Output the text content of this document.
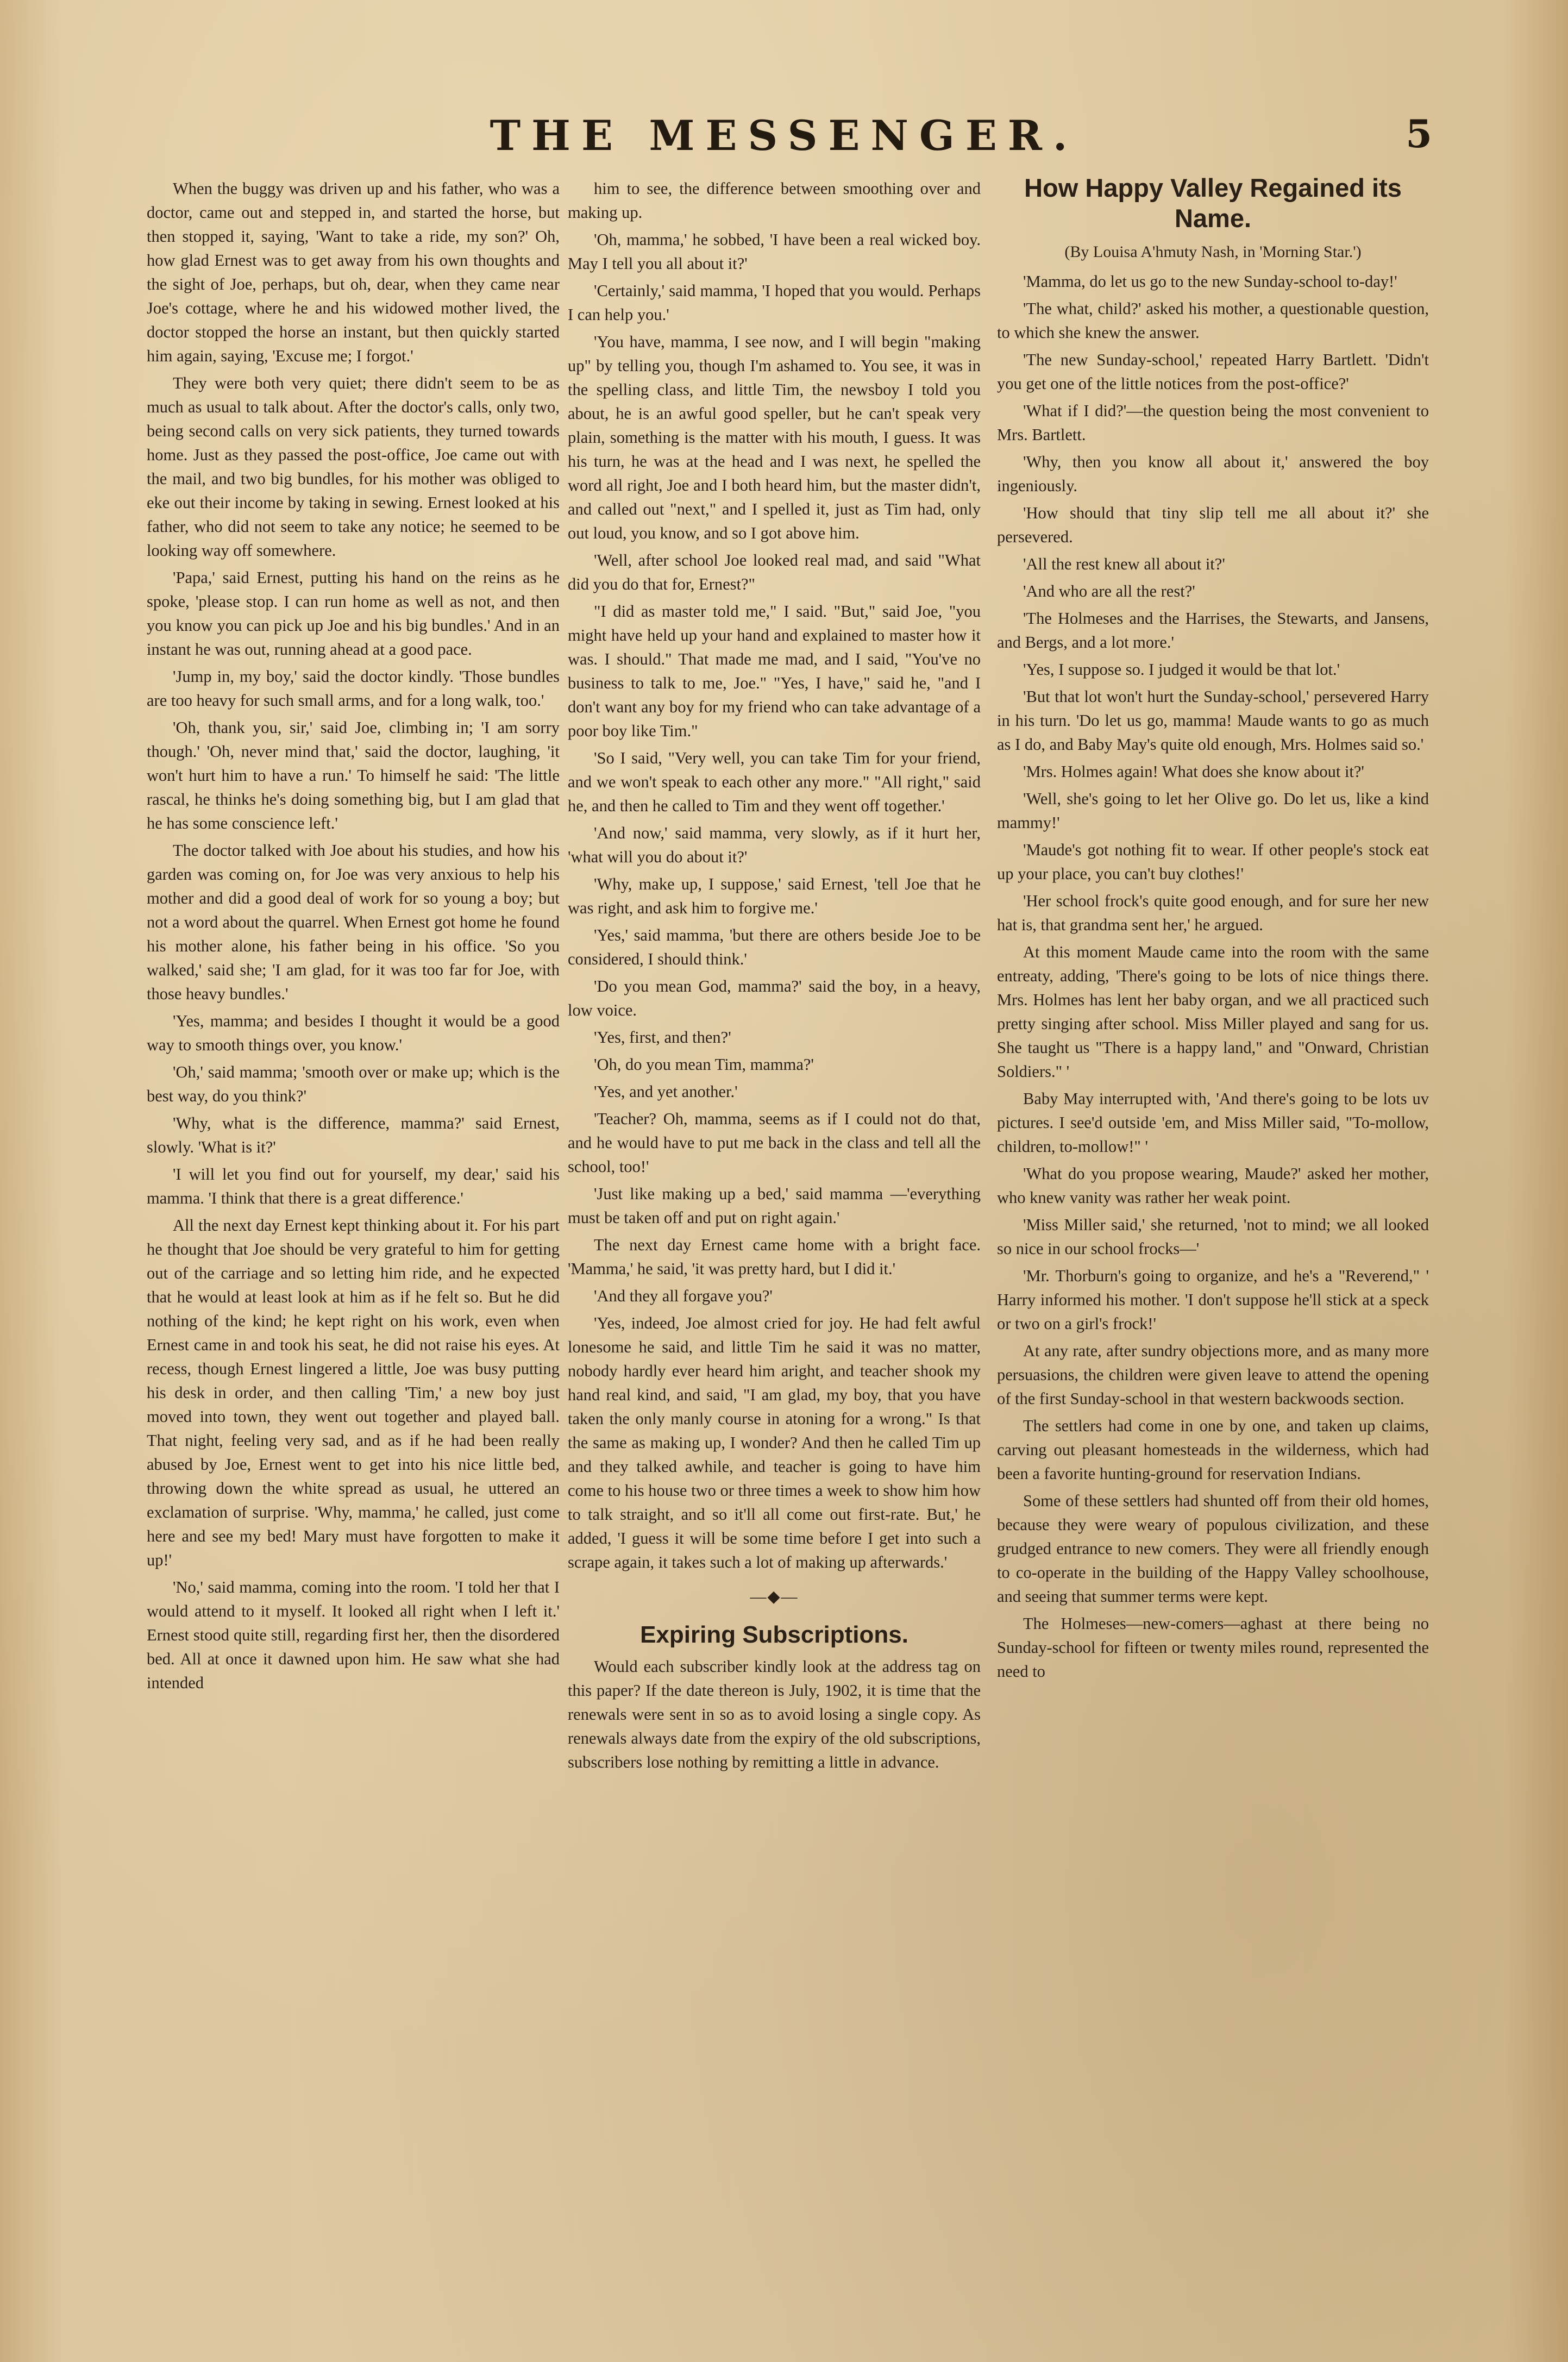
THE MESSENGER.	5

When the buggy was driven up and his father, who was a doctor, came out and stepped in, and started the horse, but then stopped it, saying, 'Want to take a ride, my son?' Oh, how glad Ernest was to get away from his own thoughts and the sight of Joe, perhaps, but oh, dear, when they came near Joe's cottage, where he and his widowed mother lived, the doctor stopped the horse an instant, but then quickly started him again, saying, 'Excuse me; I forgot.'

They were both very quiet; there didn't seem to be as much as usual to talk about. After the doctor's calls, only two, being second calls on very sick patients, they turned towards home. Just as they passed the post-office, Joe came out with the mail, and two big bundles, for his mother was obliged to eke out their income by taking in sewing. Ernest looked at his father, who did not seem to take any notice; he seemed to be looking way off somewhere.

'Papa,' said Ernest, putting his hand on the reins as he spoke, 'please stop. I can run home as well as not, and then you know you can pick up Joe and his big bundles.' And in an instant he was out, running ahead at a good pace.

'Jump in, my boy,' said the doctor kindly. 'Those bundles are too heavy for such small arms, and for a long walk, too.'

'Oh, thank you, sir,' said Joe, climbing in; 'I am sorry though.' 'Oh, never mind that,' said the doctor, laughing, 'it won't hurt him to have a run.' To himself he said: 'The little rascal, he thinks he's doing something big, but I am glad that he has some conscience left.'

The doctor talked with Joe about his studies, and how his garden was coming on, for Joe was very anxious to help his mother and did a good deal of work for so young a boy; but not a word about the quarrel. When Ernest got home he found his mother alone, his father being in his office. 'So you walked,' said she; 'I am glad, for it was too far for Joe, with those heavy bundles.'

'Yes, mamma; and besides I thought it would be a good way to smooth things over, you know.'

'Oh,' said mamma; 'smooth over or make up; which is the best way, do you think?'

'Why, what is the difference, mamma?' said Ernest, slowly. 'What is it?'

'I will let you find out for yourself, my dear,' said his mamma. 'I think that there is a great difference.'

All the next day Ernest kept thinking about it. For his part he thought that Joe should be very grateful to him for getting out of the carriage and so letting him ride, and he expected that he would at least look at him as if he felt so. But he did nothing of the kind; he kept right on his work, even when Ernest came in and took his seat, he did not raise his eyes. At recess, though Ernest lingered a little, Joe was busy putting his desk in order, and then calling 'Tim,' a new boy just moved into town, they went out together and played ball. That night, feeling very sad, and as if he had been really abused by Joe, Ernest went to get into his nice little bed, throwing down the white spread as usual, he uttered an exclamation of surprise. 'Why, mamma,' he called, just come here and see my bed! Mary must have forgotten to make it up!'

'No,' said mamma, coming into the room. 'I told her that I would attend to it myself. It looked all right when I left it.' Ernest stood quite still, regarding first her, then the disordered bed. All at once it dawned upon him. He saw what she had intended

him to see, the difference between smoothing over and making up.

'Oh, mamma,' he sobbed, 'I have been a real wicked boy. May I tell you all about it?'

'Certainly,' said mamma, 'I hoped that you would. Perhaps I can help you.'

'You have, mamma, I see now, and I will begin "making up" by telling you, though I'm ashamed to. You see, it was in the spelling class, and little Tim, the newsboy I told you about, he is an awful good speller, but he can't speak very plain, something is the matter with his mouth, I guess. It was his turn, he was at the head and I was next, he spelled the word all right, Joe and I both heard him, but the master didn't, and called out "next," and I spelled it, just as Tim had, only out loud, you know, and so I got above him.

'Well, after school Joe looked real mad, and said "What did you do that for, Ernest?"

"I did as master told me," I said. "But," said Joe, "you might have held up your hand and explained to master how it was. I should." That made me mad, and I said, "You've no business to talk to me, Joe." "Yes, I have," said he, "and I don't want any boy for my friend who can take advantage of a poor boy like Tim."

'So I said, "Very well, you can take Tim for your friend, and we won't speak to each other any more." "All right," said he, and then he called to Tim and they went off together.'

'And now,' said mamma, very slowly, as if it hurt her, 'what will you do about it?'

'Why, make up, I suppose,' said Ernest, 'tell Joe that he was right, and ask him to forgive me.'

'Yes,' said mamma, 'but there are others beside Joe to be considered, I should think.'

'Do you mean God, mamma?' said the boy, in a heavy, low voice.

'Yes, first, and then?'

'Oh, do you mean Tim, mamma?'

'Yes, and yet another.'

'Teacher? Oh, mamma, seems as if I could not do that, and he would have to put me back in the class and tell all the school, too!'

'Just like making up a bed,' said mamma —'everything must be taken off and put on right again.'

The next day Ernest came home with a bright face. 'Mamma,' he said, 'it was pretty hard, but I did it.'

'And they all forgave you?'

'Yes, indeed, Joe almost cried for joy. He had felt awful lonesome he said, and little Tim he said it was no matter, nobody hardly ever heard him aright, and teacher shook my hand real kind, and said, "I am glad, my boy, that you have taken the only manly course in atoning for a wrong." Is that the same as making up, I wonder? And then he called Tim up and they talked awhile, and teacher is going to have him come to his house two or three times a week to show him how to talk straight, and so it'll all come out first-rate. But,' he added, 'I guess it will be some time before I get into such a scrape again, it takes such a lot of making up afterwards.'

—◆—
Expiring Subscriptions.

Would each subscriber kindly look at the address tag on this paper? If the date thereon is July, 1902, it is time that the renewals were sent in so as to avoid losing a single copy. As renewals always date from the expiry of the old subscriptions, subscribers lose nothing by remitting a little in advance.

How Happy Valley Regained its Name.
(By Louisa A'hmuty Nash, in 'Morning Star.')

'Mamma, do let us go to the new Sunday-school to-day!'

'The what, child?' asked his mother, a questionable question, to which she knew the answer.

'The new Sunday-school,' repeated Harry Bartlett. 'Didn't you get one of the little notices from the post-office?'

'What if I did?'—the question being the most convenient to Mrs. Bartlett.

'Why, then you know all about it,' answered the boy ingeniously.

'How should that tiny slip tell me all about it?' she persevered.

'All the rest knew all about it?'

'And who are all the rest?'

'The Holmeses and the Harrises, the Stewarts, and Jansens, and Bergs, and a lot more.'

'Yes, I suppose so. I judged it would be that lot.'

'But that lot won't hurt the Sunday-school,' persevered Harry in his turn. 'Do let us go, mamma! Maude wants to go as much as I do, and Baby May's quite old enough, Mrs. Holmes said so.'

'Mrs. Holmes again! What does she know about it?'

'Well, she's going to let her Olive go. Do let us, like a kind mammy!'

'Maude's got nothing fit to wear. If other people's stock eat up your place, you can't buy clothes!'

'Her school frock's quite good enough, and for sure her new hat is, that grandma sent her,' he argued.

At this moment Maude came into the room with the same entreaty, adding, 'There's going to be lots of nice things there. Mrs. Holmes has lent her baby organ, and we all practiced such pretty singing after school. Miss Miller played and sang for us. She taught us "There is a happy land," and "Onward, Christian Soldiers." '

Baby May interrupted with, 'And there's going to be lots uv pictures. I see'd outside 'em, and Miss Miller said, "To-mollow, children, to-mollow!" '

'What do you propose wearing, Maude?' asked her mother, who knew vanity was rather her weak point.

'Miss Miller said,' she returned, 'not to mind; we all looked so nice in our school frocks—'

'Mr. Thorburn's going to organize, and he's a "Reverend," ' Harry informed his mother. 'I don't suppose he'll stick at a speck or two on a girl's frock!'

At any rate, after sundry objections more, and as many more persuasions, the children were given leave to attend the opening of the first Sunday-school in that western backwoods section.

The settlers had come in one by one, and taken up claims, carving out pleasant homesteads in the wilderness, which had been a favorite hunting-ground for reservation Indians.

Some of these settlers had shunted off from their old homes, because they were weary of populous civilization, and these grudged entrance to new comers. They were all friendly enough to co-operate in the building of the Happy Valley schoolhouse, and seeing that summer terms were kept.

The Holmeses—new-comers—aghast at there being no Sunday-school for fifteen or twenty miles round, represented the need to
